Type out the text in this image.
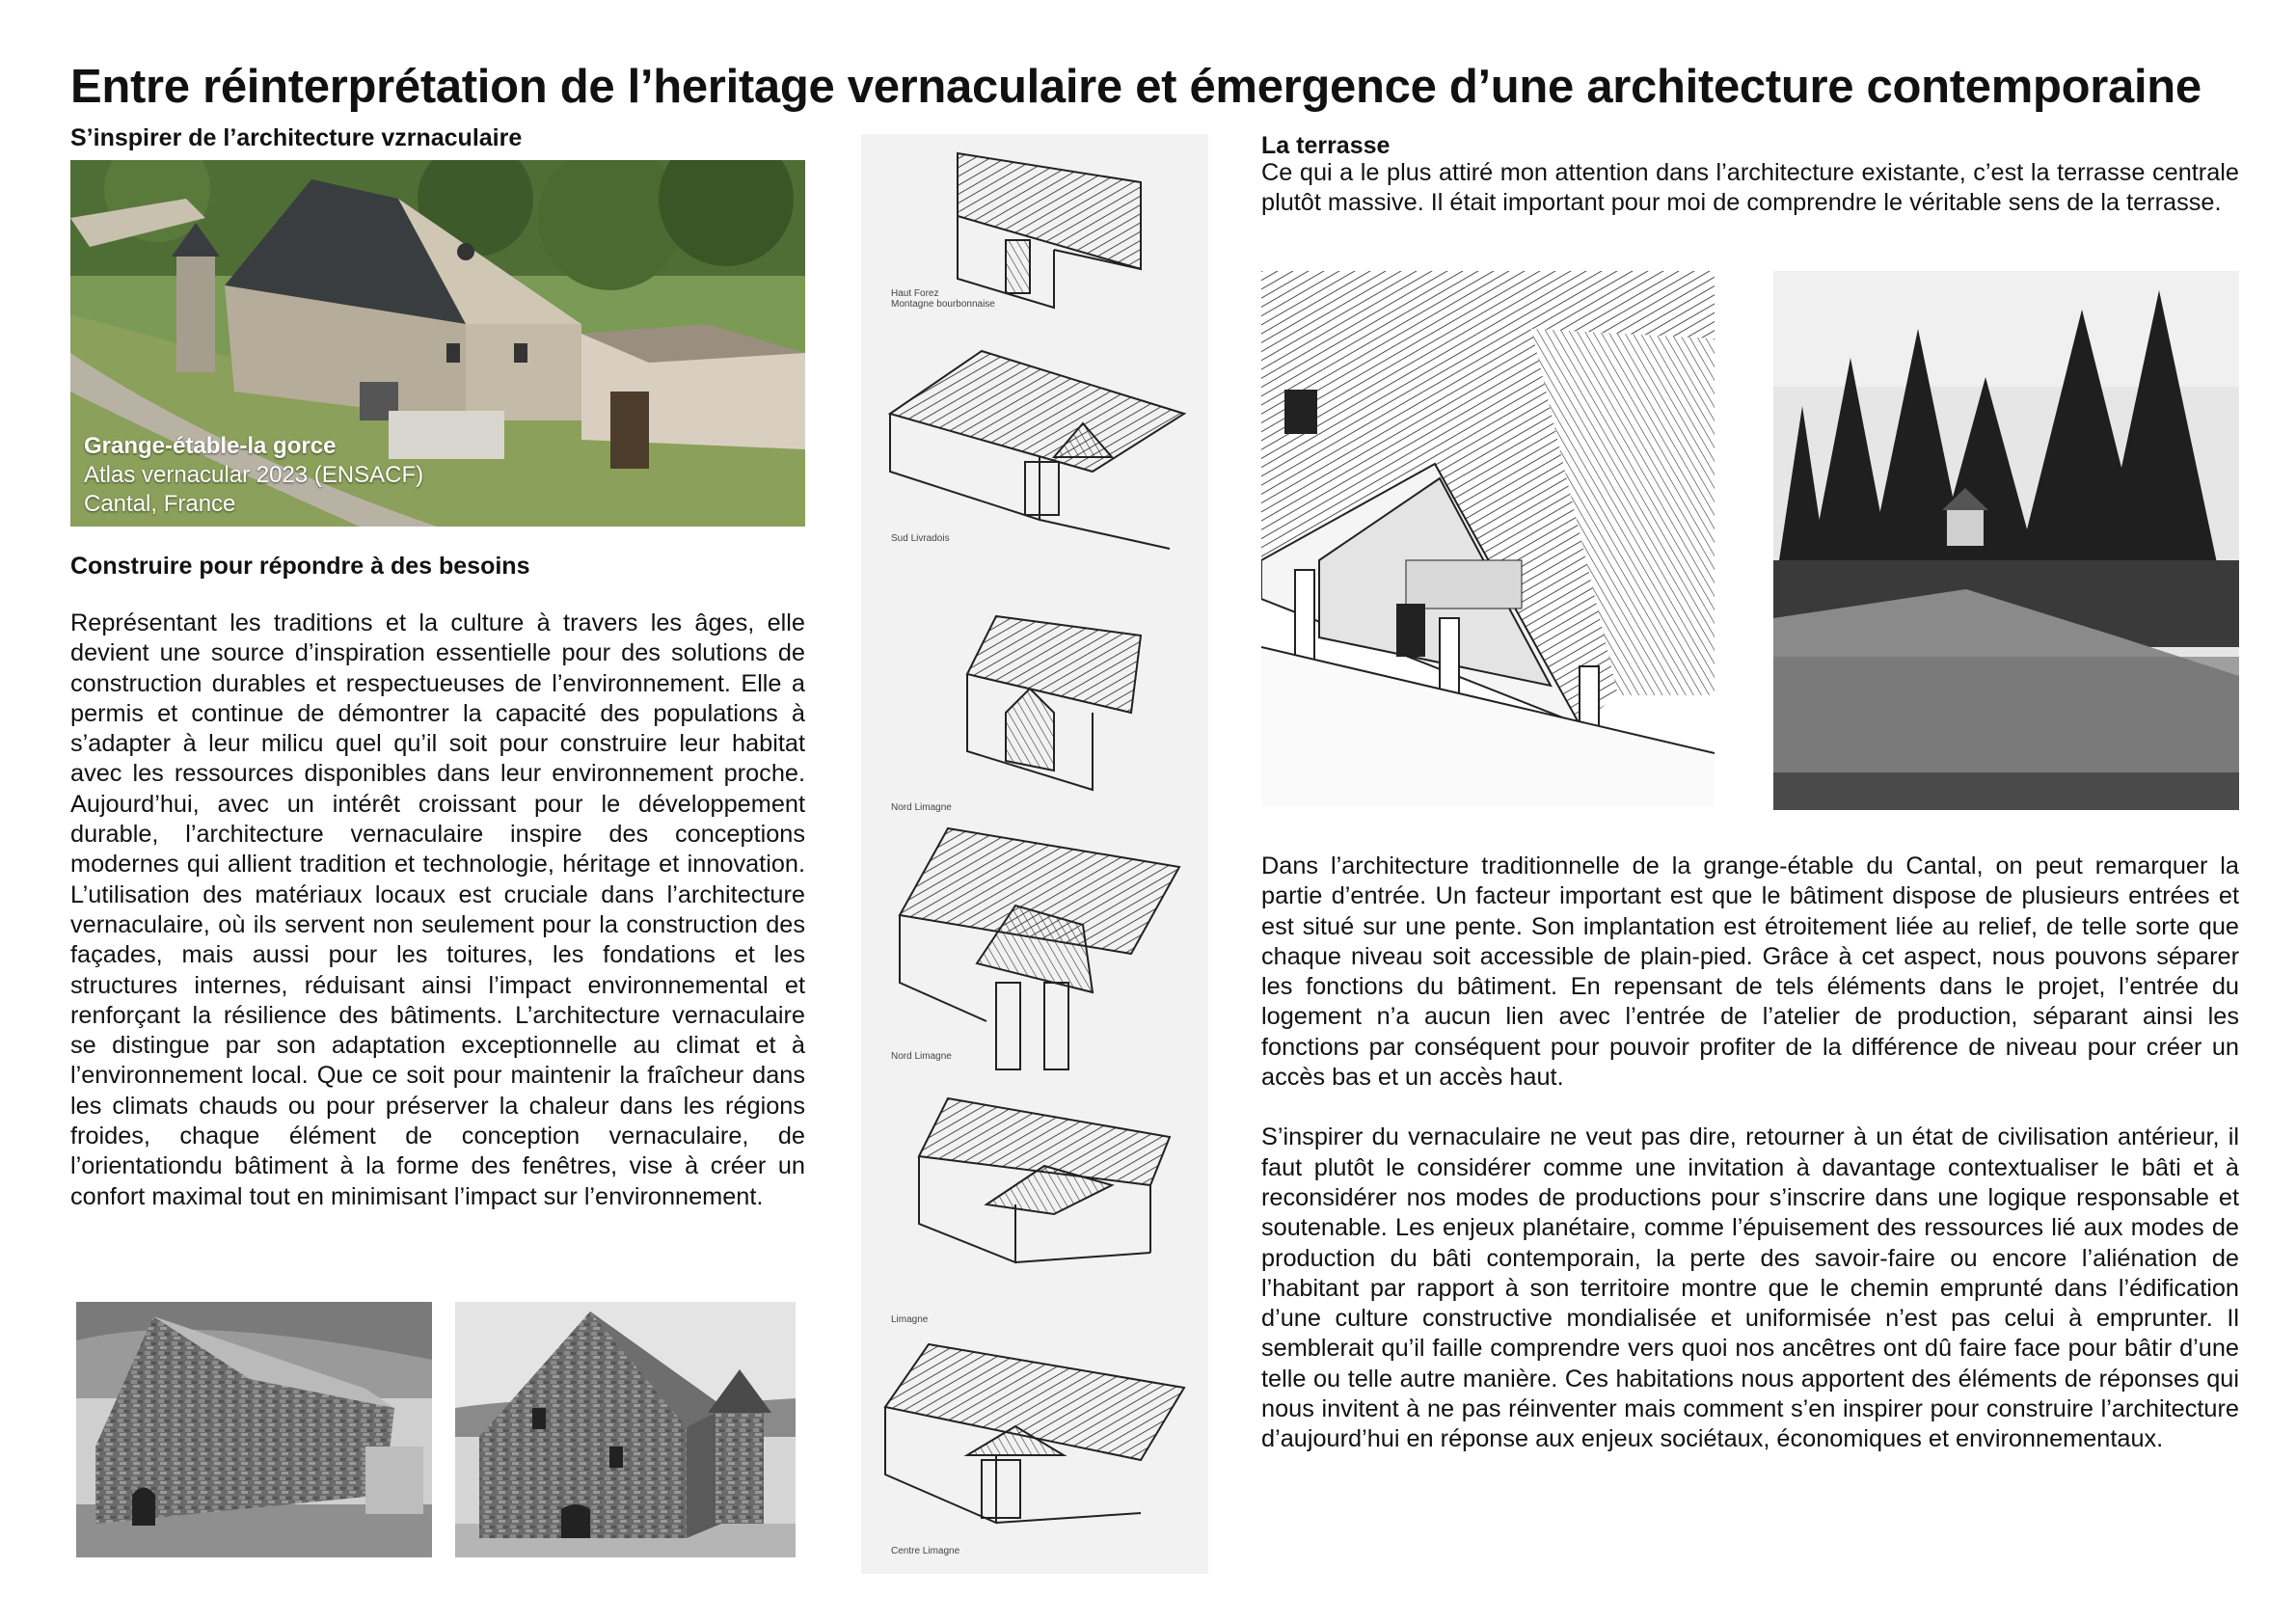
Entre réinterprétation de l’heritage vernaculaire et émergence d’une architecture contemporaine
S’inspirer de l’architecture vzrnaculaire
Grange-étable-la gorce
Atlas vernacular 2023 (ENSACF)
Cantal, France
Construire pour répondre à des besoins
Représentant les traditions et la culture à travers les âges, elle devient une source d’inspiration essentielle pour des solutions de construction durables et respectueuses de l’environnement. Elle a permis et continue de démontrer la capacité des populations à s’adapter à leur milicu quel qu’il soit pour construire leur habitat avec les ressources disponibles dans leur environnement proche. Aujourd’hui, avec un intérêt croissant pour le développement durable, l’architecture vernaculaire inspire des conceptions modernes qui allient tradition et technologie, héritage et innovation. L’utilisation des matériaux locaux est cruciale dans l’architecture vernaculaire, où ils servent non seulement pour la construction des façades, mais aussi pour les toitures, les fondations et les structures internes, réduisant ainsi l’impact environnemental et renforçant la résilience des bâtiments. L’architecture vernaculaire se distingue par son adaptation exceptionnelle au climat et à l’environnement local. Que ce soit pour maintenir la fraîcheur dans les climats chauds ou pour préserver la chaleur dans les régions froides, chaque élément de conception vernaculaire, de l’orientationdu bâtiment à la forme des fenêtres, vise à créer un confort maximal tout en minimisant l’impact sur l’environnement.
Haut Forez
Montagne bourbonnaise
Sud Livradois
Nord Limagne
Nord Limagne
Limagne
Centre Limagne
La terrasse
Ce qui a le plus attiré mon attention dans l’architecture existante, c’est la terrasse centrale plutôt massive. Il était important pour moi de comprendre le véritable sens de la terrasse.

Dans l’architecture traditionnelle de la grange-étable du Cantal, on peut remarquer la partie d’entrée. Un facteur important est que le bâtiment dispose de plusieurs entrées et est situé sur une pente. Son implantation est étroitement liée au relief, de telle sorte que chaque niveau soit accessible de plain-pied. Grâce à cet aspect, nous pouvons séparer les fonctions du bâtiment. En repensant de tels éléments dans le projet, l’entrée du logement n’a aucun lien avec l’entrée de l’atelier de production, séparant ainsi les fonctions par conséquent pour pouvoir profiter de la différence de niveau pour créer un accès bas et un accès haut.

S’inspirer du vernaculaire ne veut pas dire, retourner à un état de civilisation antérieur, il faut plutôt le considérer comme une invitation à davantage contextualiser le bâti et à reconsidérer nos modes de productions pour s’inscrire dans une logique responsable et soutenable. Les enjeux planétaire, comme l’épuisement des ressources lié aux modes de production du bâti contemporain, la perte des savoir-faire ou encore l’aliénation de l’habitant par rapport à son territoire montre que le chemin emprunté dans l’édification d’une culture constructive mondialisée et uniformisée n’est pas celui à emprunter. Il semblerait qu’il faille comprendre vers quoi nos ancêtres ont dû faire face pour bâtir d’une telle ou telle autre manière. Ces habitations nous apportent des éléments de réponses qui nous invitent à ne pas réinventer mais comment s’en inspirer pour construire l’architecture d’aujourd’hui en réponse aux enjeux sociétaux, économiques et environnementaux.
